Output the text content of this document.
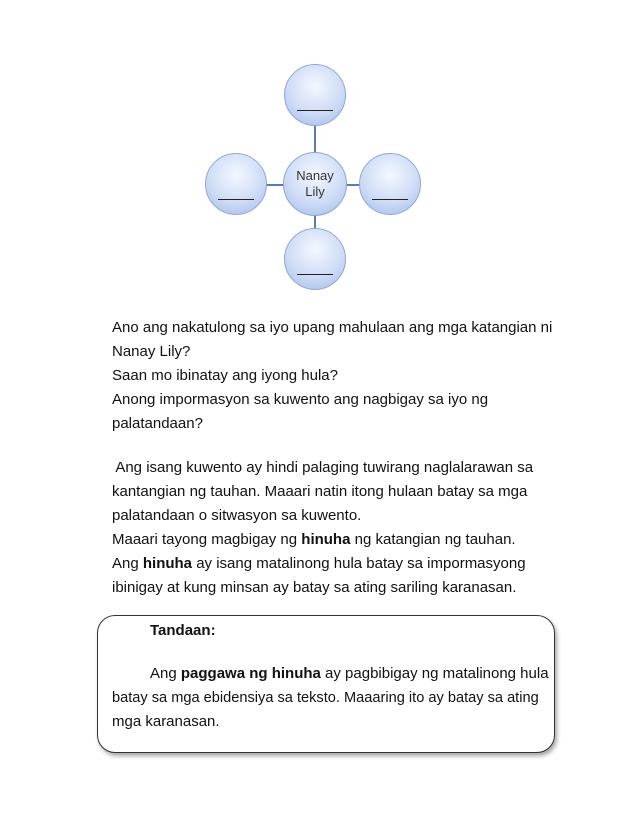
Nanay
Lily
Ano ang nakatulong sa iyo upang mahulaan ang mga katangian ni
Nanay Lily?
Saan mo ibinatay ang iyong hula?
Anong impormasyon sa kuwento ang nagbigay sa iyo ng
palatandaan?
Ang isang kuwento ay hindi palaging tuwirang naglalarawan sa
kantangian ng tauhan. Maaari natin itong hulaan batay sa mga
palatandaan o sitwasyon sa kuwento.
Maaari tayong magbigay ng hinuha ng katangian ng tauhan.
Ang hinuha ay isang matalinong hula batay sa impormasyong
ibinigay at kung minsan ay batay sa ating sariling karanasan.
Tandaan:
Ang paggawa ng hinuha ay pagbibigay ng matalinong hula
batay sa mga ebidensiya sa teksto. Maaaring ito ay batay sa ating
mga karanasan.
